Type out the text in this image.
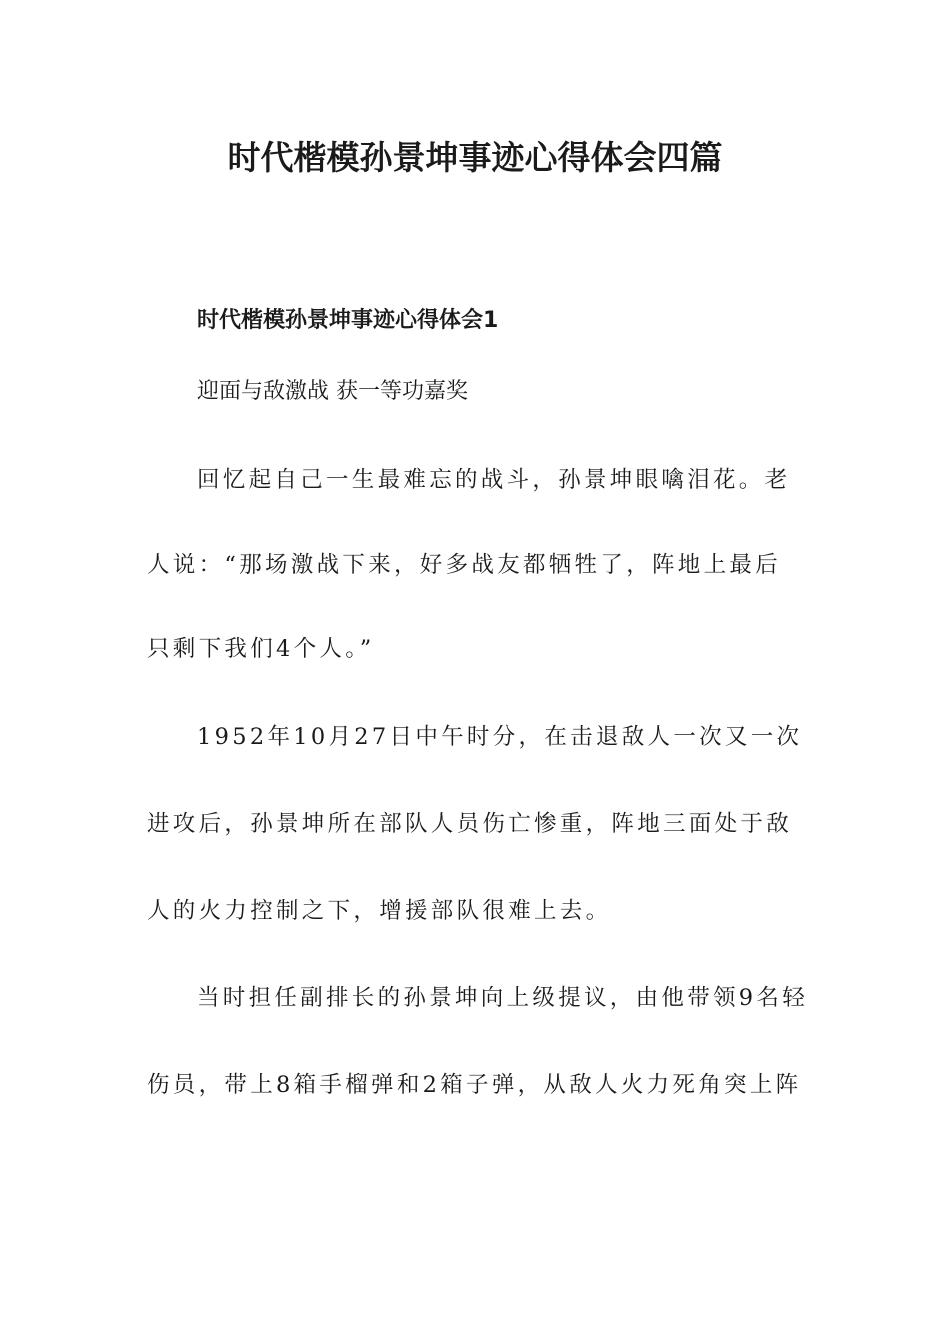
时代楷模孙景坤事迹心得体会四篇
时代楷模孙景坤事迹心得体会1
迎面与敌激战 获一等功嘉奖
回忆起自己一生最难忘的战斗，孙景坤眼噙泪花。老
人说：“那场激战下来，好多战友都牺牲了，阵地上最后
只剩下我们4个人。”
1952年10月27日中午时分，在击退敌人一次又一次
进攻后，孙景坤所在部队人员伤亡惨重，阵地三面处于敌
人的火力控制之下，增援部队很难上去。
当时担任副排长的孙景坤向上级提议，由他带领9名轻
伤员，带上8箱手榴弹和2箱子弹，从敌人火力死角突上阵
